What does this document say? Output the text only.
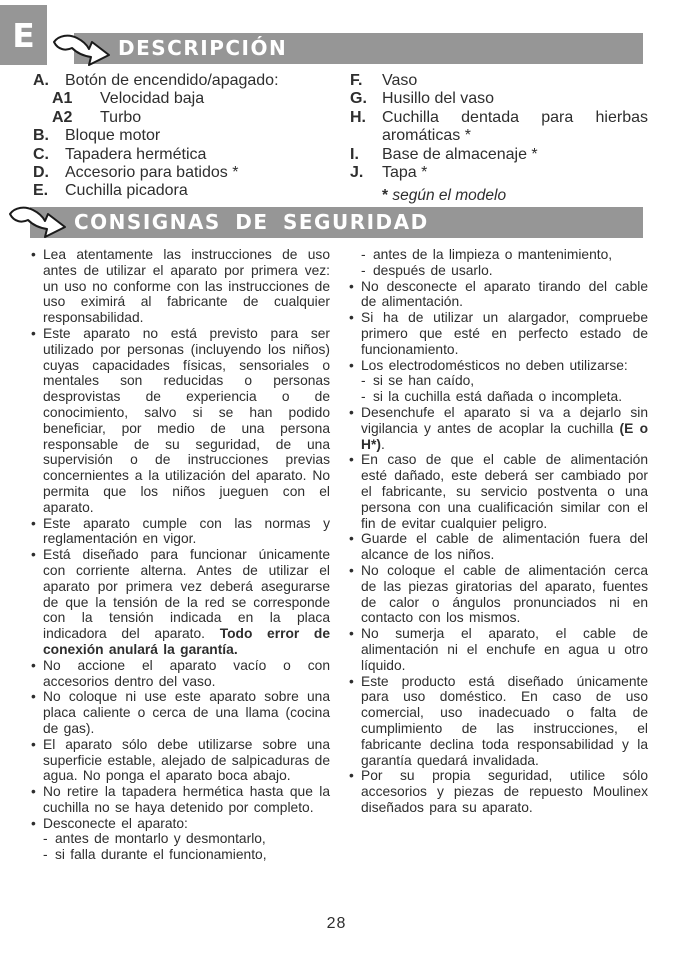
E	DESCRIPCIÓN
A.	Botón de encendido/apagado:
A1	Velocidad baja
A2	Turbo
B.	Bloque motor
C.	Tapadera hermética
D.	Accesorio para batidos *
E.	Cuchilla picadora
F.	Vaso
G. Husillo del vaso
H.	Cuchilla dentada para hierbas aromáticas *
I.	Base de almacenaje *
J.	Tapa *
* según el modelo
CONSIGNAS DE SEGURIDAD
• Lea atentamente las instrucciones de uso antes de utilizar el aparato por primera vez: un uso no conforme con las instrucciones de uso eximirá al fabricante de cualquier responsabilidad.
• Este aparato no está previsto para ser utilizado por personas (incluyendo los niños) cuyas capacidades físicas, sensoriales o mentales son reducidas o personas desprovistas de experiencia o de conocimiento, salvo si se han podido beneficiar, por medio de una persona responsable de su seguridad, de una supervisión o de instrucciones previas concernientes a la utilización del aparato. No permita que los niños jueguen con el aparato.
• Este aparato cumple con las normas y reglamentación en vigor.
• Está diseñado para funcionar únicamente con corriente alterna. Antes de utilizar el aparato por primera vez deberá asegurarse de que la tensión de la red se corresponde con la tensión indicada en la placa indicadora del aparato. Todo error de conexión anulará la garantía.
• No accione el aparato vacío o con accesorios dentro del vaso.
• No coloque ni use este aparato sobre una placa caliente o cerca de una llama (cocina de gas).
• El aparato sólo debe utilizarse sobre una superficie estable, alejado de salpicaduras de agua. No ponga el aparato boca abajo.
• No retire la tapadera hermética hasta que la cuchilla no se haya detenido por completo.
• Desconecte el aparato:
- antes de montarlo y desmontarlo,
- si falla durante el funcionamiento,
- antes de la limpieza o mantenimiento,
- después de usarlo.
• No desconecte el aparato tirando del cable de alimentación.
• Si ha de utilizar un alargador, compruebe primero que esté en perfecto estado de funcionamiento.
• Los electrodomésticos no deben utilizarse:
- si se han caído,
- si la cuchilla está dañada o incompleta.
• Desenchufe el aparato si va a dejarlo sin vigilancia y antes de acoplar la cuchilla (E o H*).
• En caso de que el cable de alimentación esté dañado, este deberá ser cambiado por el fabricante, su servicio postventa o una persona con una cualificación similar con el fin de evitar cualquier peligro.
• Guarde el cable de alimentación fuera del alcance de los niños.
• No coloque el cable de alimentación cerca de las piezas giratorias del aparato, fuentes de calor o ángulos pronunciados ni en contacto con los mismos.
• No sumerja el aparato, el cable de alimentación ni el enchufe en agua u otro líquido.
• Este producto está diseñado únicamente para uso doméstico. En caso de uso comercial, uso inadecuado o falta de cumplimiento de las instrucciones, el fabricante declina toda responsabilidad y la garantía quedará invalidada.
• Por su propia seguridad, utilice sólo accesorios y piezas de repuesto Moulinex diseñados para su aparato.
28
